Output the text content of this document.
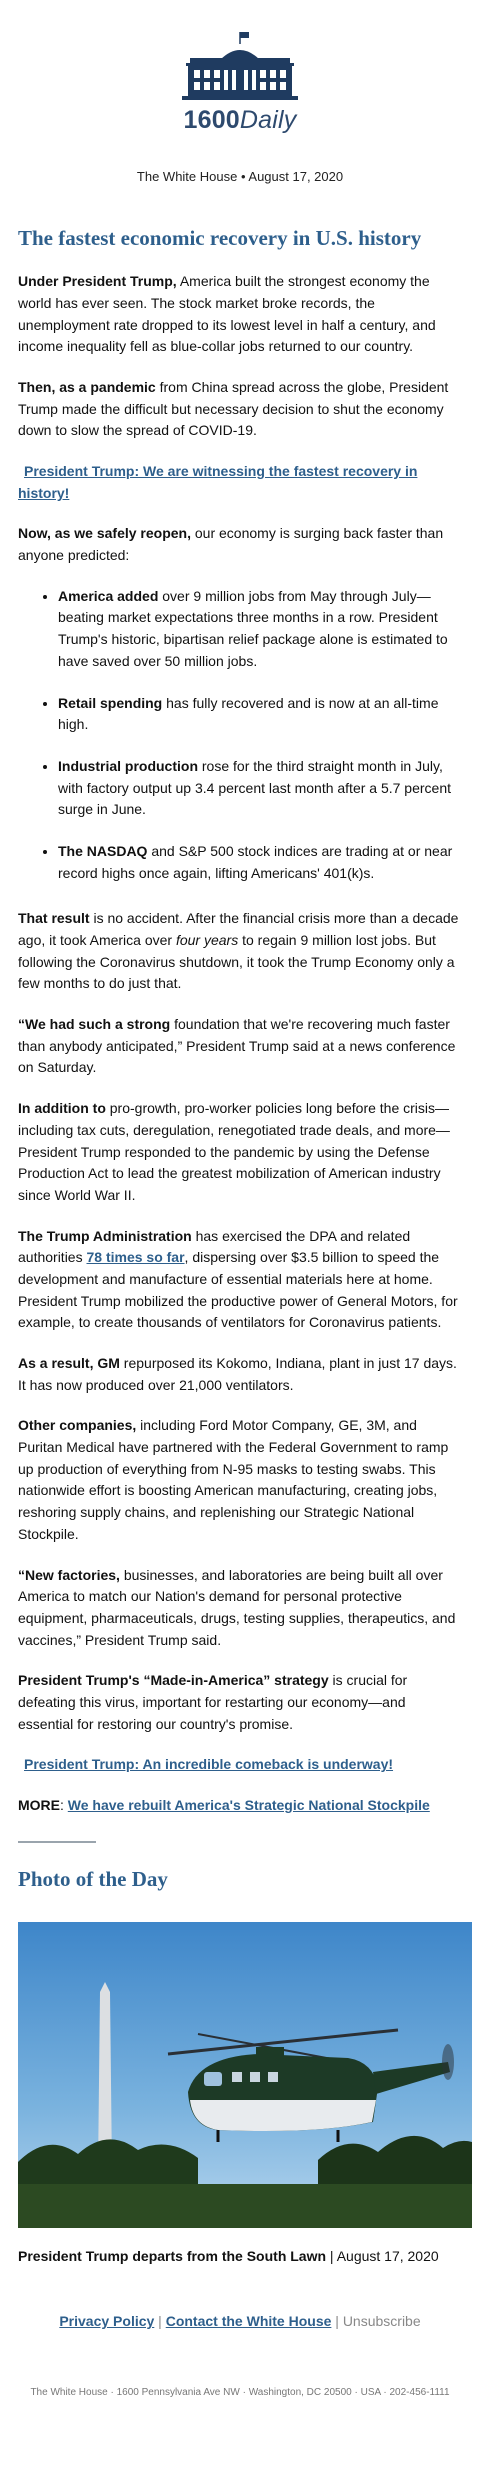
1600Daily
The White House • August 17, 2020
The fastest economic recovery in U.S. history

Under President Trump, America built the strongest economy the world has ever seen. The stock market broke records, the unemployment rate dropped to its lowest level in half a century, and income inequality fell as blue-collar jobs returned to our country.

Then, as a pandemic from China spread across the globe, President Trump made the difficult but necessary decision to shut the economy down to slow the spread of COVID-19.

President Trump: We are witnessing the fastest recovery in history!

Now, as we safely reopen, our economy is surging back faster than anyone predicted:

• America added over 9 million jobs from May through July—beating market expectations three months in a row. President Trump's historic, bipartisan relief package alone is estimated to have saved over 50 million jobs.
• Retail spending has fully recovered and is now at an all-time high.
• Industrial production rose for the third straight month in July, with factory output up 3.4 percent last month after a 5.7 percent surge in June.
• The NASDAQ and S&P 500 stock indices are trading at or near record highs once again, lifting Americans' 401(k)s.

That result is no accident. After the financial crisis more than a decade ago, it took America over four years to regain 9 million lost jobs. But following the Coronavirus shutdown, it took the Trump Economy only a few months to do just that.

“We had such a strong foundation that we're recovering much faster than anybody anticipated,” President Trump said at a news conference on Saturday.

In addition to pro-growth, pro-worker policies long before the crisis—including tax cuts, deregulation, renegotiated trade deals, and more—President Trump responded to the pandemic by using the Defense Production Act to lead the greatest mobilization of American industry since World War II.

The Trump Administration has exercised the DPA and related authorities 78 times so far, dispersing over $3.5 billion to speed the development and manufacture of essential materials here at home. President Trump mobilized the productive power of General Motors, for example, to create thousands of ventilators for Coronavirus patients.

As a result, GM repurposed its Kokomo, Indiana, plant in just 17 days. It has now produced over 21,000 ventilators.

Other companies, including Ford Motor Company, GE, 3M, and Puritan Medical have partnered with the Federal Government to ramp up production of everything from N-95 masks to testing swabs. This nationwide effort is boosting American manufacturing, creating jobs, reshoring supply chains, and replenishing our Strategic National Stockpile.

“New factories, businesses, and laboratories are being built all over America to match our Nation's demand for personal protective equipment, pharmaceuticals, drugs, testing supplies, therapeutics, and vaccines,” President Trump said.

President Trump's “Made-in-America” strategy is crucial for defeating this virus, important for restarting our economy—and essential for restoring our country's promise.

President Trump: An incredible comeback is underway!

MORE: We have rebuilt America's Strategic National Stockpile

Photo of the Day

President Trump departs from the South Lawn | August 17, 2020

Privacy Policy | Contact the White House | Unsubscribe
The White House · 1600 Pennsylvania Ave NW · Washington, DC 20500 · USA · 202-456-1111
